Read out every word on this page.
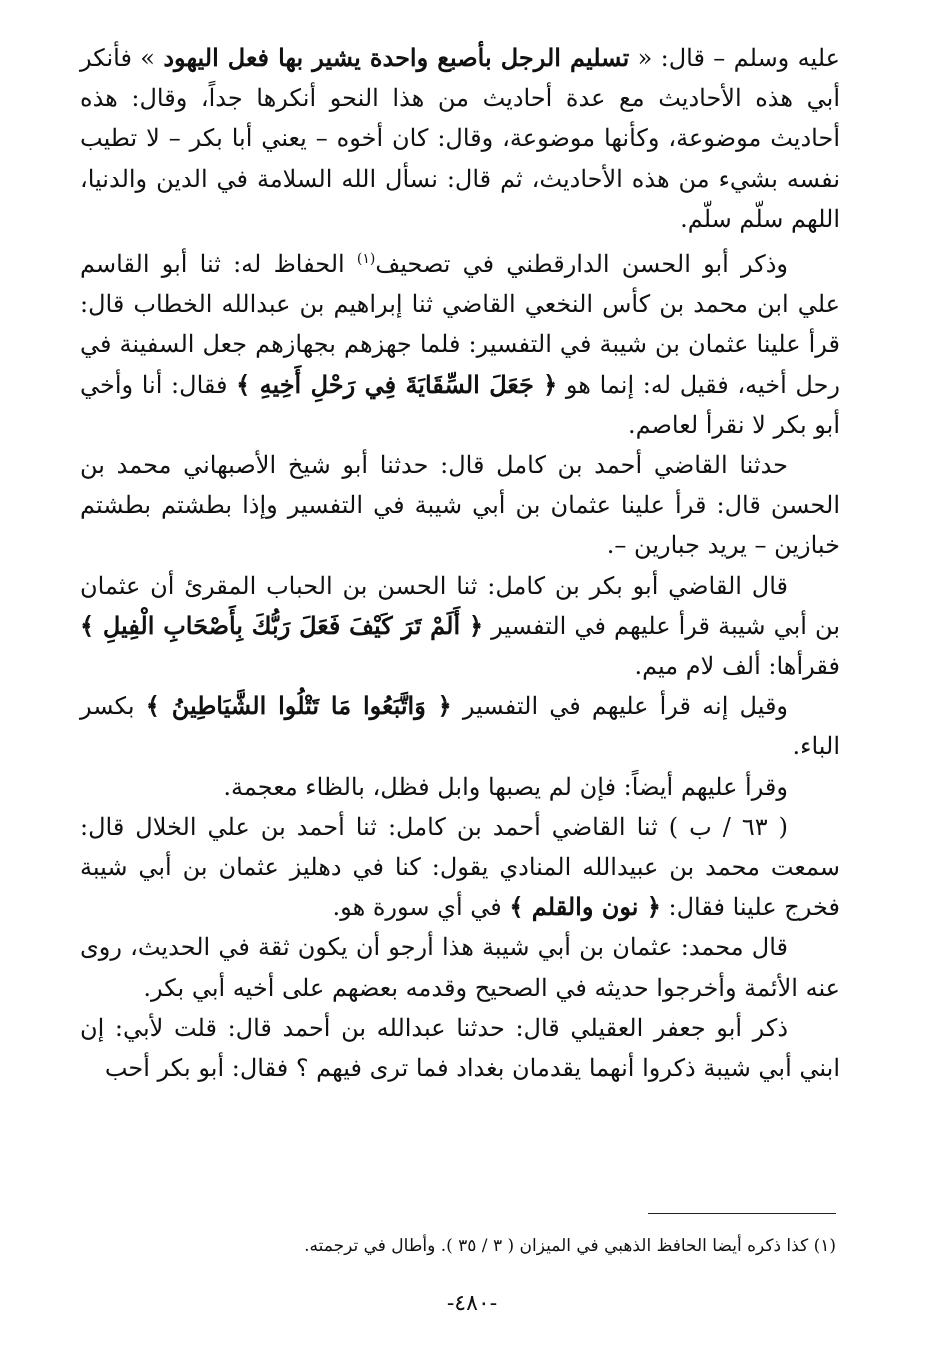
عليه وسلم – قال: « تسليم الرجل بأصبع واحدة يشير بها فعل اليهود » فأنكر أبي هذه الأحاديث مع عدة أحاديث من هذا النحو أنكرها جداً، وقال: هذه أحاديث موضوعة، وكأنها موضوعة، وقال: كان أخوه – يعني أبا بكر – لا تطيب نفسه بشيء من هذه الأحاديث، ثم قال: نسأل الله السلامة في الدين والدنيا، اللهم سلّم سلّم.

وذكر أبو الحسن الدارقطني في تصحيف$^{(١)}$ الحفاظ له: ثنا أبو القاسم علي ابن محمد بن كأس النخعي القاضي ثنا إبراهيم بن عبدالله الخطاب قال: قرأ علينا عثمان بن شيبة في التفسير: فلما جهزهم بجهازهم جعل السفينة في رحل أخيه، فقيل له: إنما هو ﴿ جَعَلَ السِّقَايَةَ فِي رَحْلِ أَخِيهِ ﴾ فقال: أنا وأخي أبو بكر لا نقرأ لعاصم.

حدثنا القاضي أحمد بن كامل قال: حدثنا أبو شيخ الأصبهاني محمد بن الحسن قال: قرأ علينا عثمان بن أبي شيبة في التفسير وإذا بطشتم بطشتم خبازين – يريد جبارين –.

قال القاضي أبو بكر بن كامل: ثنا الحسن بن الحباب المقرئ أن عثمان بن أبي شيبة قرأ عليهم في التفسير ﴿ أَلَمْ تَرَ كَيْفَ فَعَلَ رَبُّكَ بِأَصْحَابِ الْفِيلِ ﴾ فقرأها: ألف لام ميم.

وقيل إنه قرأ عليهم في التفسير ﴿ وَاتَّبَعُوا مَا تَتْلُوا الشَّيَاطِينُ ﴾ بكسر الباء.

وقرأ عليهم أيضاً: فإن لم يصبها وابل فظل، بالظاء معجمة.

( ٦٣ / ب ) ثنا القاضي أحمد بن كامل: ثنا أحمد بن علي الخلال قال: سمعت محمد بن عبيدالله المنادي يقول: كنا في دهليز عثمان بن أبي شيبة فخرج علينا فقال: ﴿ نون والقلم ﴾ في أي سورة هو.

قال محمد: عثمان بن أبي شيبة هذا أرجو أن يكون ثقة في الحديث، روى عنه الأئمة وأخرجوا حديثه في الصحيح وقدمه بعضهم على أخيه أبي بكر.

ذكر أبو جعفر العقيلي قال: حدثنا عبدالله بن أحمد قال: قلت لأبي: إن ابني أبي شيبة ذكروا أنهما يقدمان بغداد فما ترى فيهم ؟ فقال: أبو بكر أحب

(١) كذا ذكره أيضا الحافظ الذهبي في الميزان ( ٣ / ٣٥ ). وأطال في ترجمته.
-٤٨٠-
